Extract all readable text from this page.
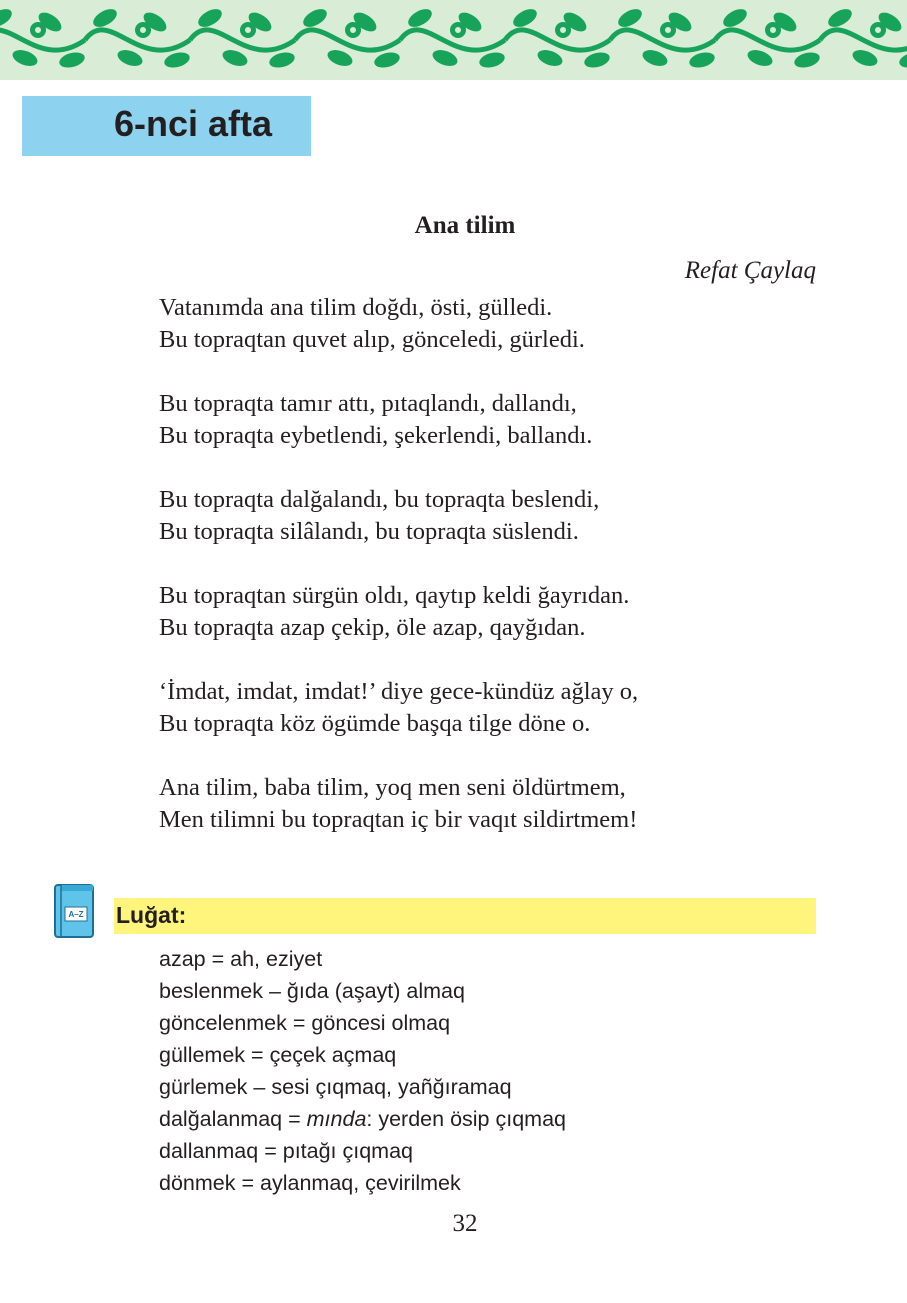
6-nci afta
Ana tilim
Refat Çaylaq
Vatanımda ana tilim doğdı, östi, gülledi.
Bu topraqtan quvet alıp, gönceledi, gürledi.
Bu topraqta tamır attı, pıtaqlandı, dallandı,
Bu topraqta eybetlendi, şekerlendi, ballandı.
Bu topraqta dalğalandı, bu topraqta beslendi,
Bu topraqta silâlandı, bu topraqta süslendi.
Bu topraqtan sürgün oldı, qaytıp keldi ğayrıdan.
Bu topraqta azap çekip, öle azap, qayğıdan.
‘İmdat, imdat, imdat!’ diye gece-kündüz ağlay o,
Bu topraqta köz ögümde başqa tilge döne o.
Ana tilim, baba tilim, yoq men seni öldürtmem,
Men tilimni bu topraqtan iç bir vaqıt sildirtmem!
A–Z Luğat:
azap = ah, eziyet
beslenmek – ğıda (aşayt) almaq
göncelenmek = göncesi olmaq
güllemek = çeçek açmaq
gürlemek – sesi çıqmaq, yañğıramaq
dalğalanmaq = mında: yerden ösip çıqmaq
dallanmaq = pıtağı çıqmaq
dönmek = aylanmaq, çevirilmek
32
